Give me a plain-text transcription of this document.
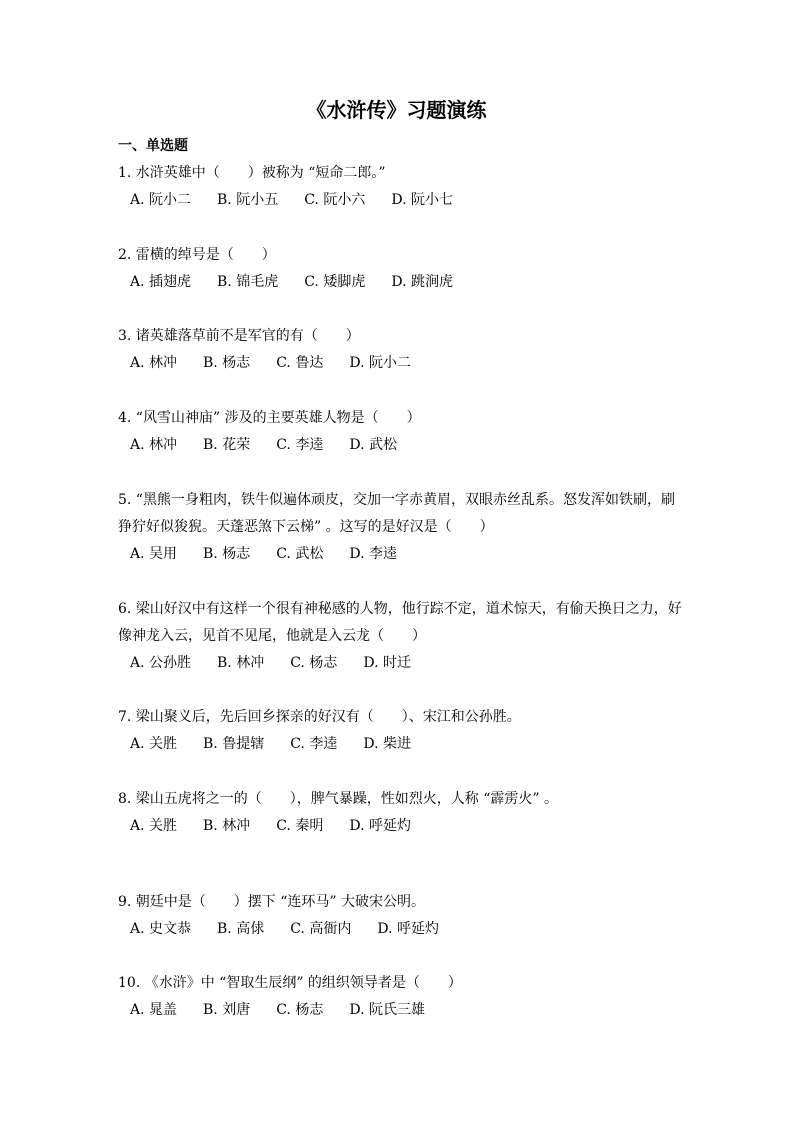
《水浒传》习题演练
一、单选题
1. 水浒英雄中（　　）被称为 “短命二郎。”
A. 阮小二 B. 阮小五 C. 阮小六 D. 阮小七
2. 雷横的绰号是（　　）
A. 插翅虎 B. 锦毛虎 C. 矮脚虎 D. 跳涧虎
3. 诸英雄落草前不是军官的有（　　）
A. 林冲 B. 杨志 C. 鲁达 D. 阮小二
4. “风雪山神庙” 涉及的主要英雄人物是（　　）
A. 林冲 B. 花荣 C. 李逵 D. 武松
5. “黑熊一身粗肉，铁牛似遍体顽皮，交加一字赤黄眉，双眼赤丝乱系。怒发浑如铁刷，刷
狰狞好似狻猊。天蓬恶煞下云梯” 。这写的是好汉是（　　）
A. 吴用 B. 杨志 C. 武松 D. 李逵
6. 梁山好汉中有这样一个很有神秘感的人物，他行踪不定，道术惊天，有偷天换日之力，好
像神龙入云，见首不见尾，他就是入云龙（　　）
A. 公孙胜 B. 林冲 C. 杨志 D. 时迁
7. 梁山聚义后，先后回乡探亲的好汉有（　　）、宋江和公孙胜。
A. 关胜 B. 鲁提辖 C. 李逵 D. 柴进
8. 梁山五虎将之一的（　　），脾气暴躁，性如烈火，人称 “霹雳火” 。
A. 关胜 B. 林冲 C. 秦明 D. 呼延灼
9. 朝廷中是（　　）摆下 “连环马” 大破宋公明。
A. 史文恭 B. 高俅 C. 高衙内 D. 呼延灼
10. 《水浒》中 “智取生辰纲” 的组织领导者是（　　）
A. 晁盖 B. 刘唐 C. 杨志 D. 阮氏三雄
